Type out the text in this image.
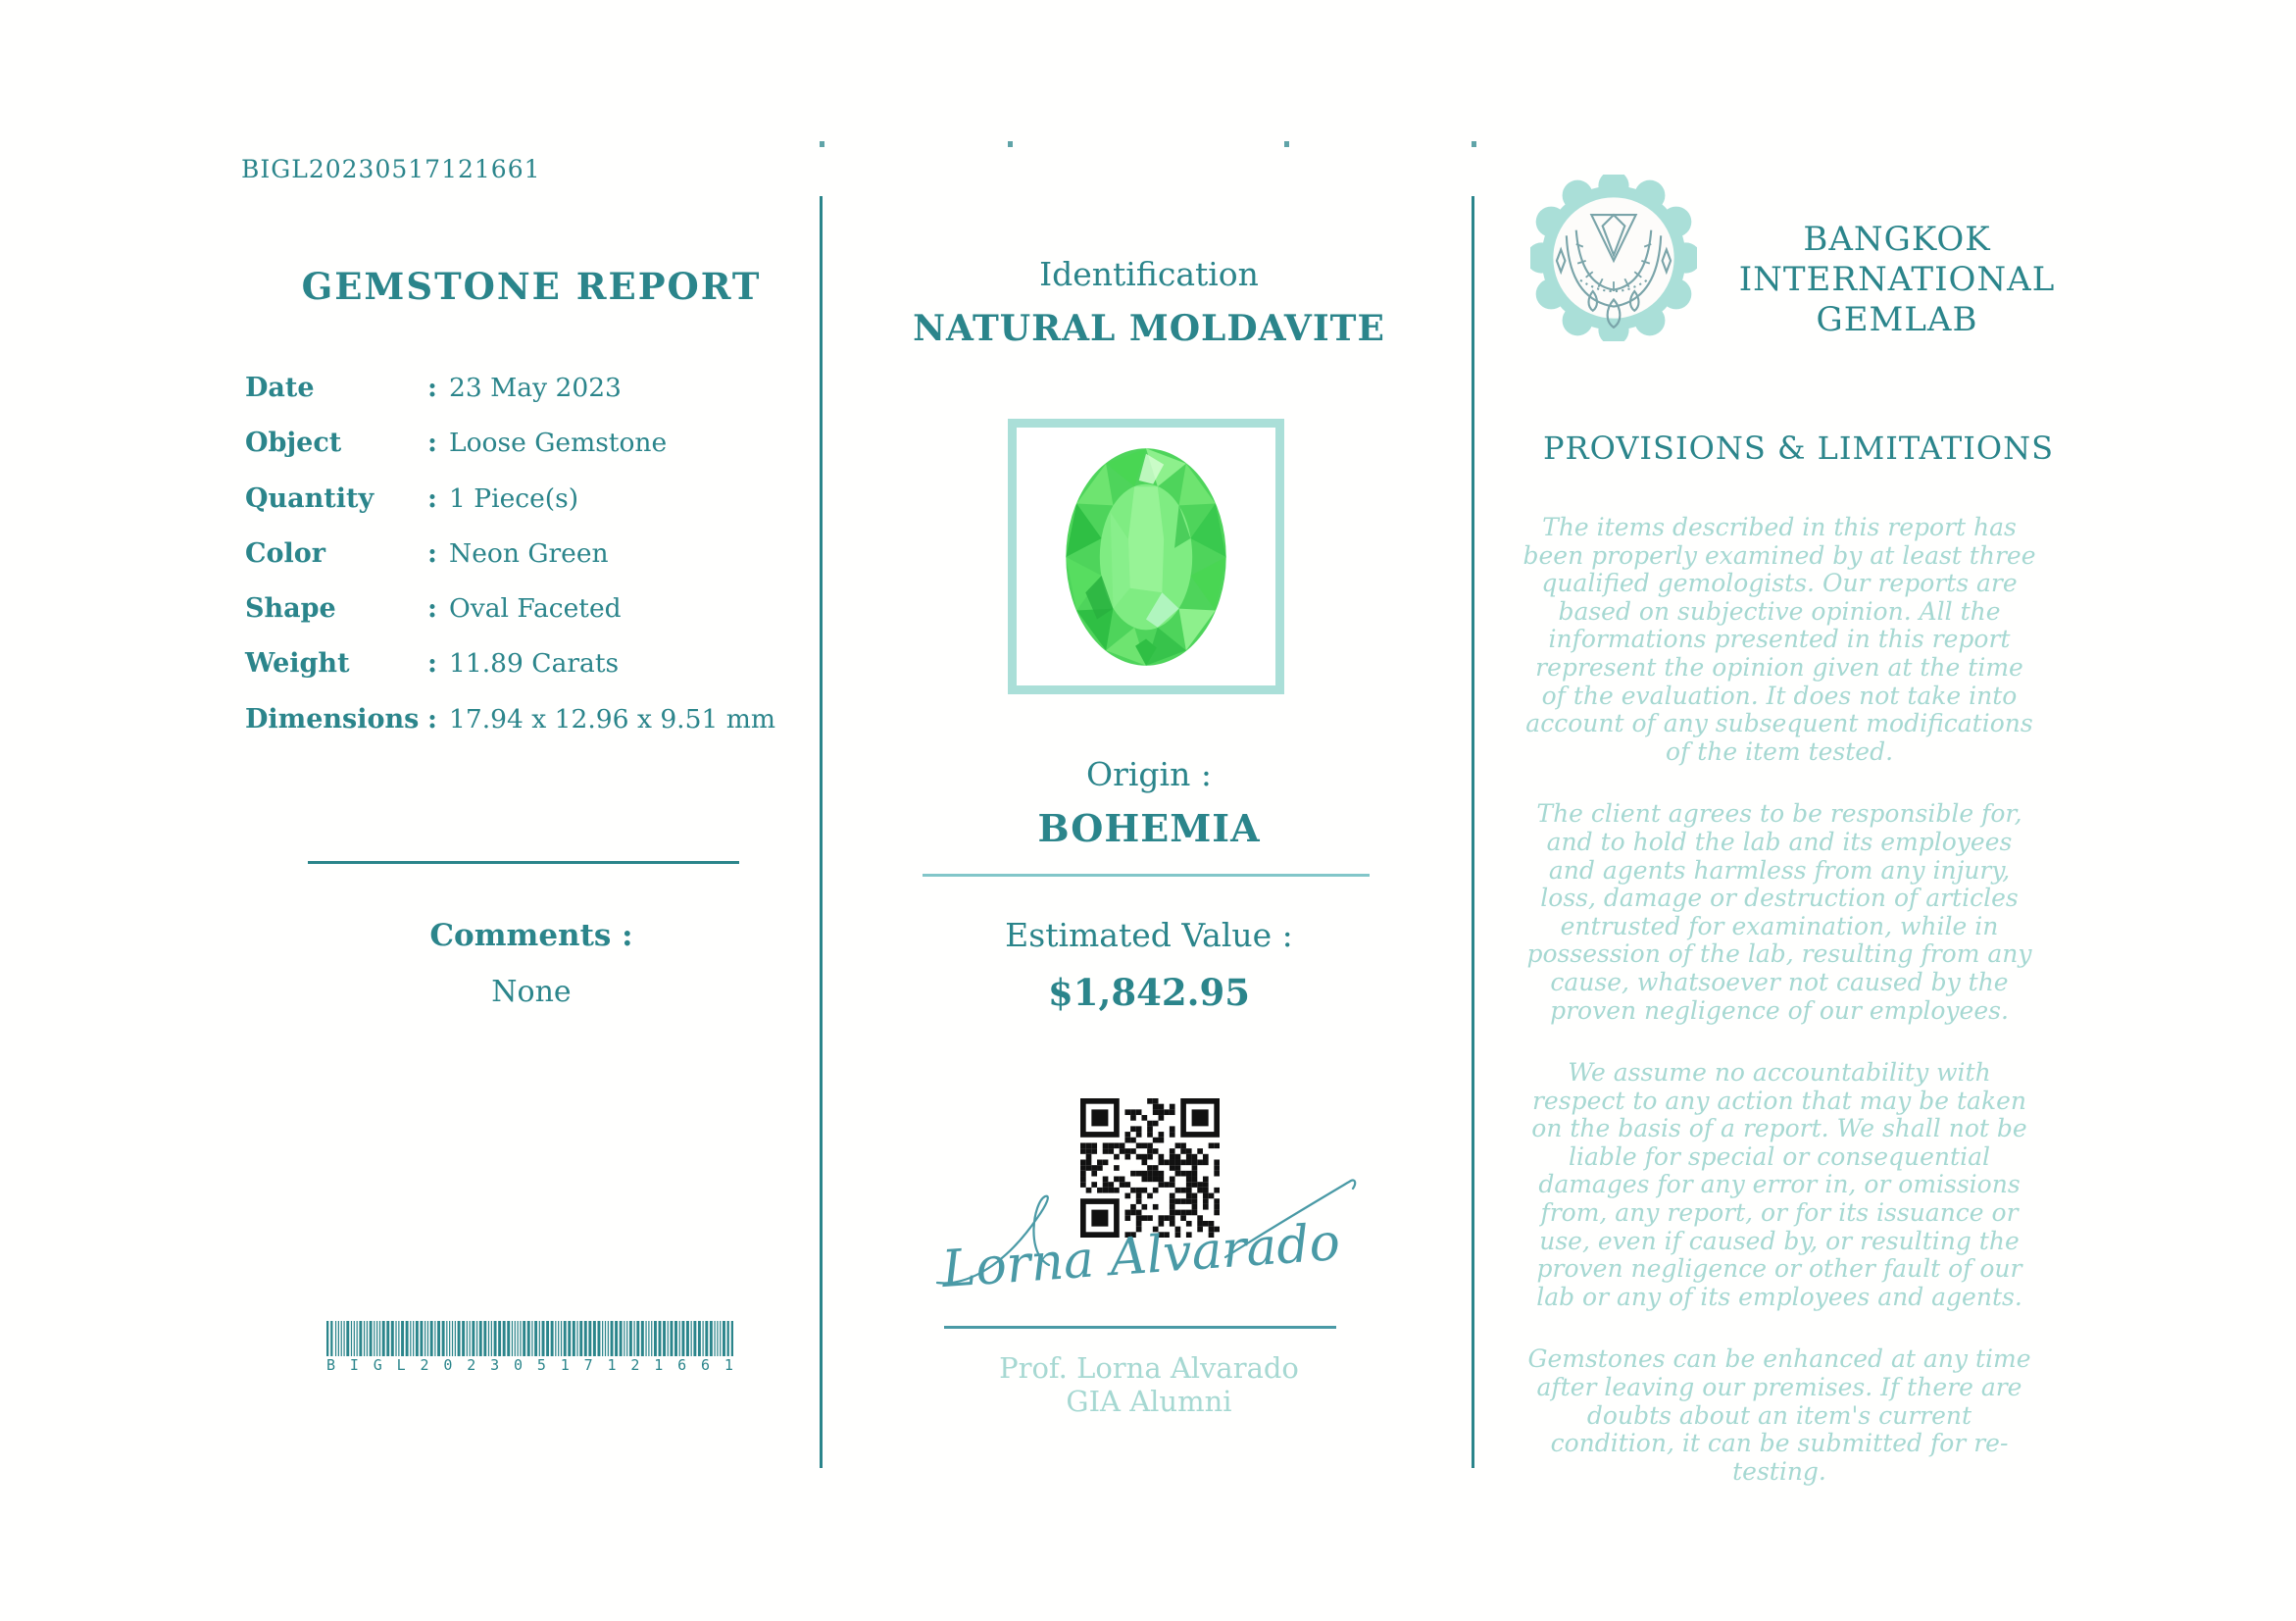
BIGL20230517121661
GEMSTONE REPORT
Date	: 23 May 2023
Object	: Loose Gemstone
Quantity	: 1 Piece(s)
Color	: Neon Green
Shape	: Oval Faceted
Weight	: 11.89 Carats
Dimensions : 17.94 x 12.96 x 9.51 mm
Comments :
None
B I G L 2 0 2 3 0 5 1 7 1 2 1 6 6 1
Identification
NATURAL MOLDAVITE
Origin :
BOHEMIA
Estimated Value :
$1,842.95
Lorna Alvarado
Prof. Lorna Alvarado
GIA Alumni
BANGKOK
INTERNATIONAL
GEMLAB
PROVISIONS & LIMITATIONS

The items described in this report has been properly examined by at least three qualified gemologists. Our reports are based on subjective opinion. All the informations presented in this report represent the opinion given at the time of the evaluation. It does not take into account of any subsequent modifications of the item tested.

The client agrees to be responsible for, and to hold the lab and its employees and agents harmless from any injury, loss, damage or destruction of articles entrusted for examination, while in possession of the lab, resulting from any cause, whatsoever not caused by the proven negligence of our employees.

We assume no accountability with respect to any action that may be taken on the basis of a report. We shall not be liable for special or consequential damages for any error in, or omissions from, any report, or for its issuance or use, even if caused by, or resulting the proven negligence or other fault of our lab or any of its employees and agents.

Gemstones can be enhanced at any time after leaving our premises. If there are doubts about an item's current condition, it can be submitted for re-testing.
